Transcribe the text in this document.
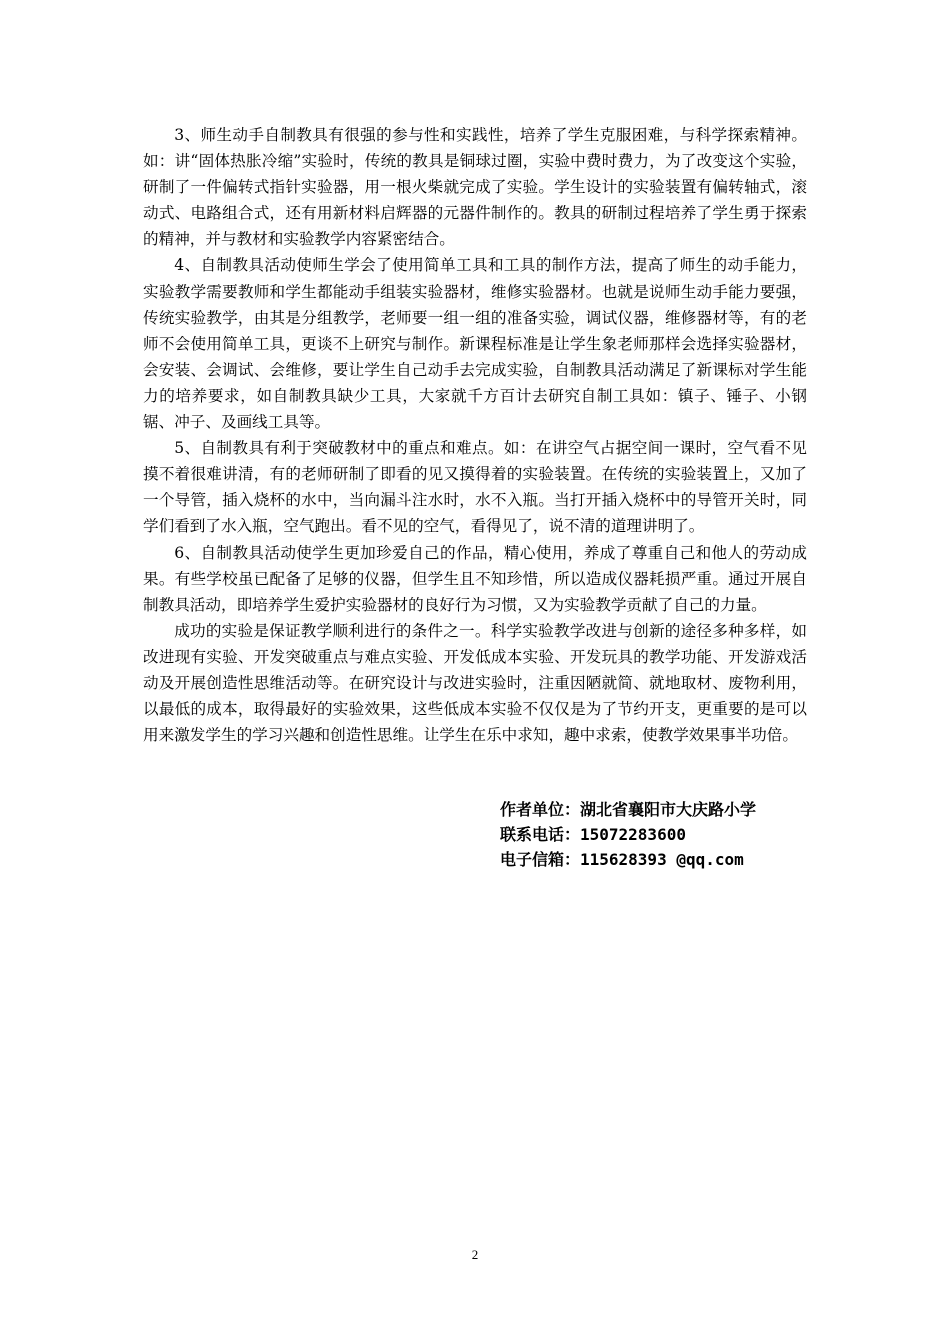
3、师生动手自制教具有很强的参与性和实践性，培养了学生克服困难，与科学探索精神。如：讲“固体热胀冷缩”实验时，传统的教具是铜球过圈，实验中费时费力，为了改变这个实验，研制了一件偏转式指针实验器，用一根火柴就完成了实验。学生设计的实验装置有偏转轴式，滚动式、电路组合式，还有用新材料启辉器的元器件制作的。教具的研制过程培养了学生勇于探索的精神，并与教材和实验教学内容紧密结合。

4、自制教具活动使师生学会了使用简单工具和工具的制作方法，提高了师生的动手能力，实验教学需要教师和学生都能动手组装实验器材，维修实验器材。也就是说师生动手能力要强，传统实验教学，由其是分组教学，老师要一组一组的准备实验，调试仪器，维修器材等，有的老师不会使用简单工具，更谈不上研究与制作。新课程标准是让学生象老师那样会选择实验器材，会安装、会调试、会维修，要让学生自己动手去完成实验，自制教具活动满足了新课标对学生能力的培养要求，如自制教具缺少工具，大家就千方百计去研究自制工具如：镇子、锤子、小钢锯、冲子、及画线工具等。

5、自制教具有利于突破教材中的重点和难点。如：在讲空气占据空间一课时，空气看不见摸不着很难讲清，有的老师研制了即看的见又摸得着的实验装置。在传统的实验装置上，又加了一个导管，插入烧杯的水中，当向漏斗注水时，水不入瓶。当打开插入烧杯中的导管开关时，同学们看到了水入瓶，空气跑出。看不见的空气，看得见了，说不清的道理讲明了。

6、自制教具活动使学生更加珍爱自己的作品，精心使用，养成了尊重自己和他人的劳动成果。有些学校虽已配备了足够的仪器，但学生且不知珍惜，所以造成仪器耗损严重。通过开展自制教具活动，即培养学生爱护实验器材的良好行为习惯，又为实验教学贡献了自己的力量。

成功的实验是保证教学顺利进行的条件之一。科学实验教学改进与创新的途径多种多样，如改进现有实验、开发突破重点与难点实验、开发低成本实验、开发玩具的教学功能、开发游戏活动及开展创造性思维活动等。在研究设计与改进实验时，注重因陋就简、就地取材、废物利用，以最低的成本，取得最好的实验效果，这些低成本实验不仅仅是为了节约开支，更重要的是可以用来激发学生的学习兴趣和创造性思维。让学生在乐中求知，趣中求索，使教学效果事半功倍。

作者单位：湖北省襄阳市大庆路小学
联系电话：15072283600
电子信箱：115628393 @qq.com
2
